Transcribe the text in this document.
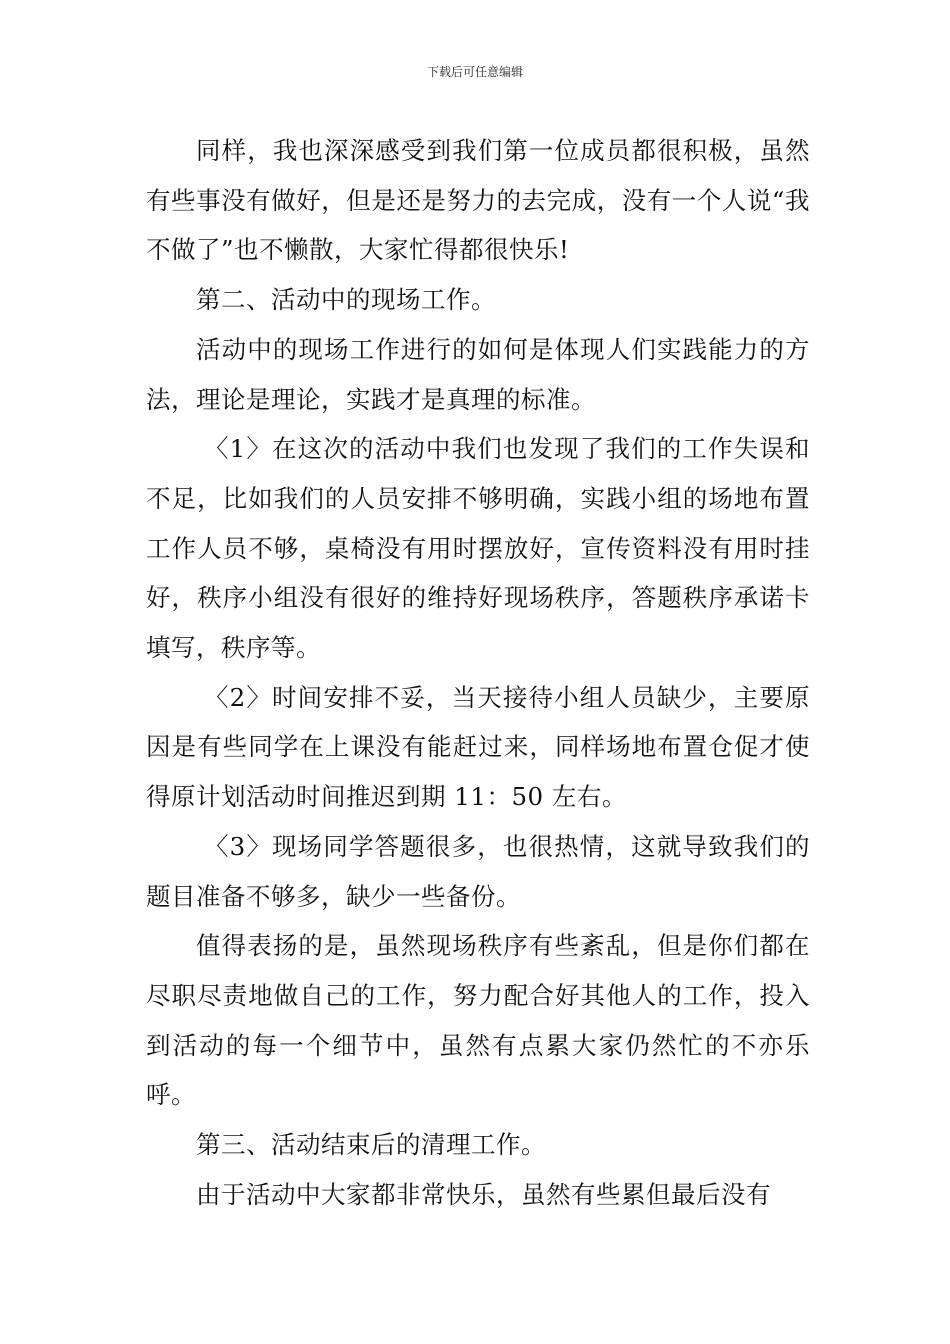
下载后可任意编辑

同样，我也深深感受到我们第一位成员都很积极，虽然有些事没有做好，但是还是努力的去完成，没有一个人说“我不做了”也不懒散，大家忙得都很快乐!

第二、活动中的现场工作。

活动中的现场工作进行的如何是体现人们实践能力的方法，理论是理论，实践才是真理的标准。

〈1〉在这次的活动中我们也发现了我们的工作失误和不足，比如我们的人员安排不够明确，实践小组的场地布置工作人员不够，桌椅没有用时摆放好，宣传资料没有用时挂好，秩序小组没有很好的维持好现场秩序，答题秩序承诺卡填写，秩序等。

〈2〉时间安排不妥，当天接待小组人员缺少，主要原因是有些同学在上课没有能赶过来，同样场地布置仓促才使得原计划活动时间推迟到期 11：50 左右。

〈3〉现场同学答题很多，也很热情，这就导致我们的题目准备不够多，缺少一些备份。

值得表扬的是，虽然现场秩序有些紊乱，但是你们都在尽职尽责地做自己的工作，努力配合好其他人的工作，投入到活动的每一个细节中，虽然有点累大家仍然忙的不亦乐呼。

第三、活动结束后的清理工作。

由于活动中大家都非常快乐，虽然有些累但最后没有
